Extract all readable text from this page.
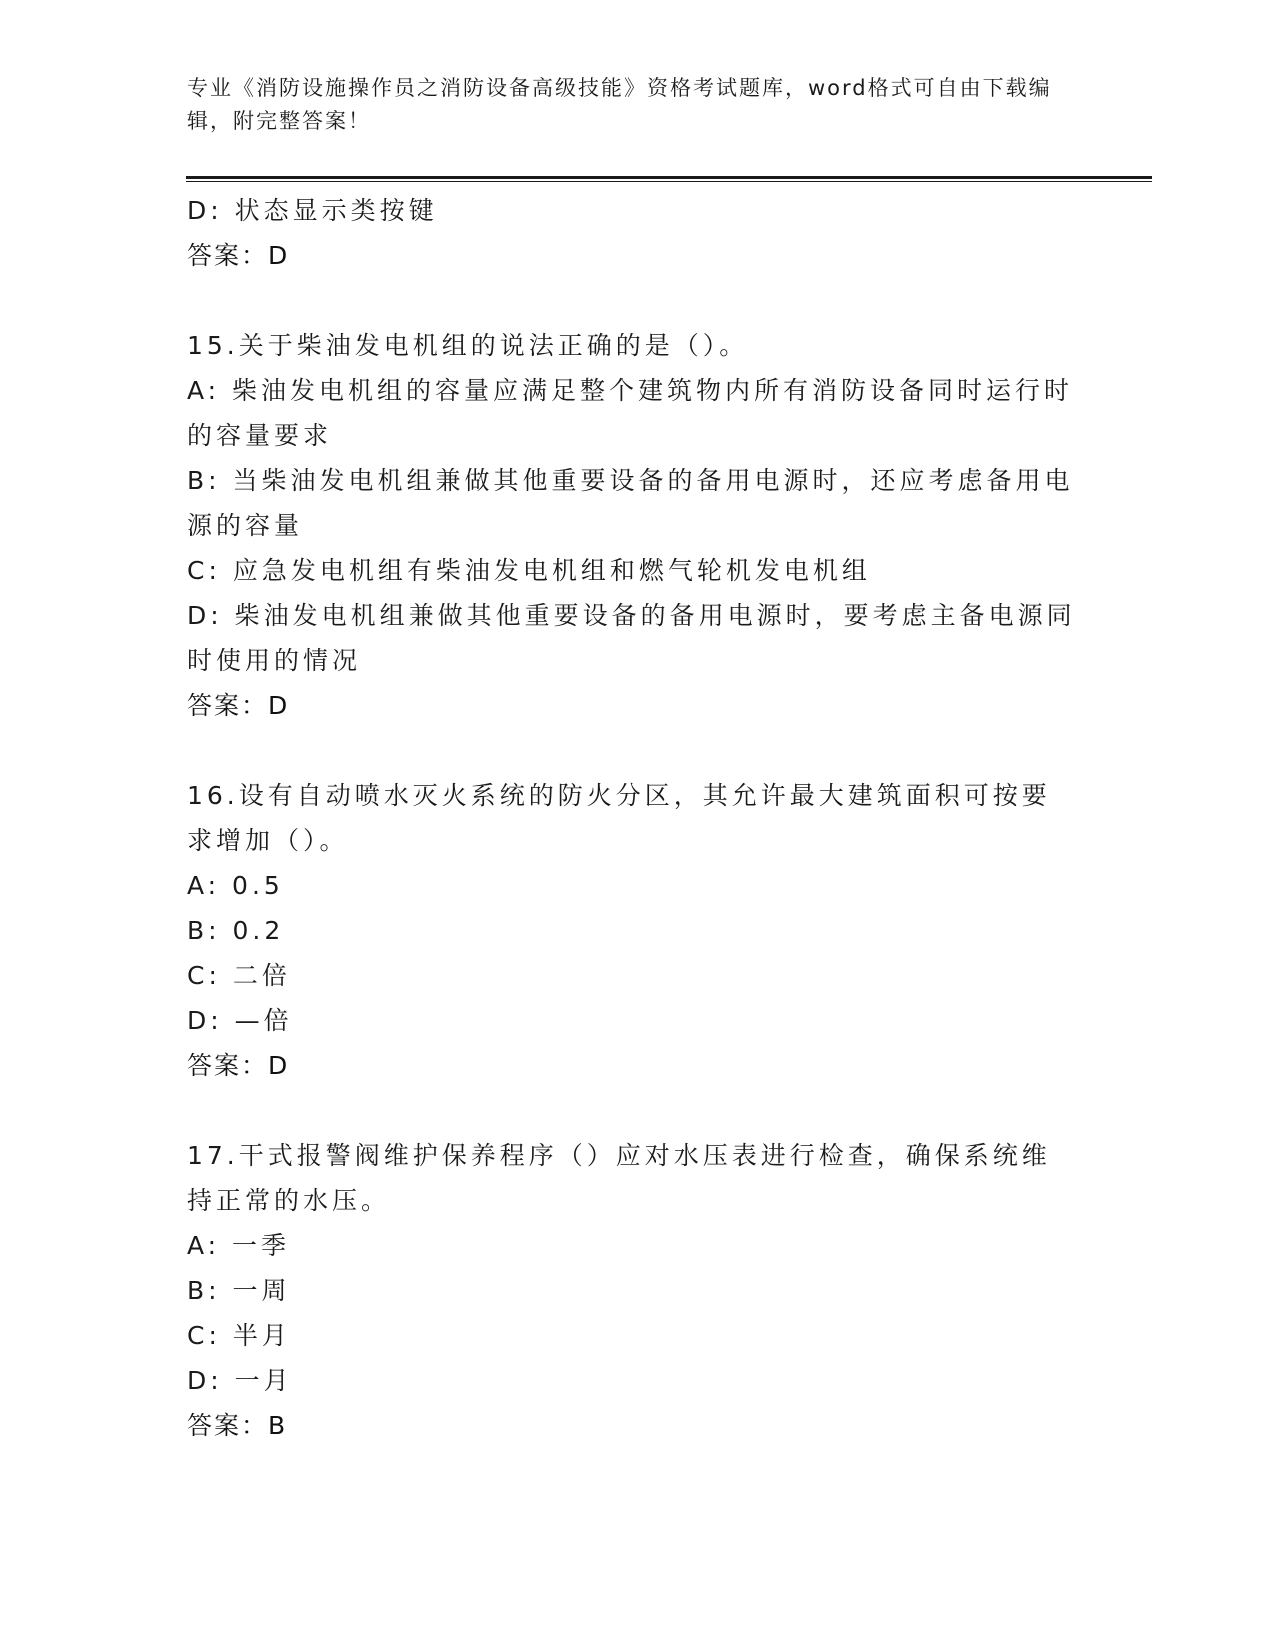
专业《消防设施操作员之消防设备高级技能》资格考试题库，word格式可自由下载编辑，附完整答案！
D: 状态显示类按键
答案：D
15.关于柴油发电机组的说法正确的是（）。
A: 柴油发电机组的容量应满足整个建筑物内所有消防设备同时运行时的容量要求
B: 当柴油发电机组兼做其他重要设备的备用电源时，还应考虑备用电源的容量
C: 应急发电机组有柴油发电机组和燃气轮机发电机组
D: 柴油发电机组兼做其他重要设备的备用电源时，要考虑主备电源同时使用的情况
答案：D
16.设有自动喷水灭火系统的防火分区，其允许最大建筑面积可按要求增加（）。
A: 0.5
B: 0.2
C: 二倍
D: —倍
答案：D
17.干式报警阀维护保养程序（）应对水压表进行检查，确保系统维持正常的水压。
A: 一季
B: 一周
C: 半月
D: 一月
答案：B
